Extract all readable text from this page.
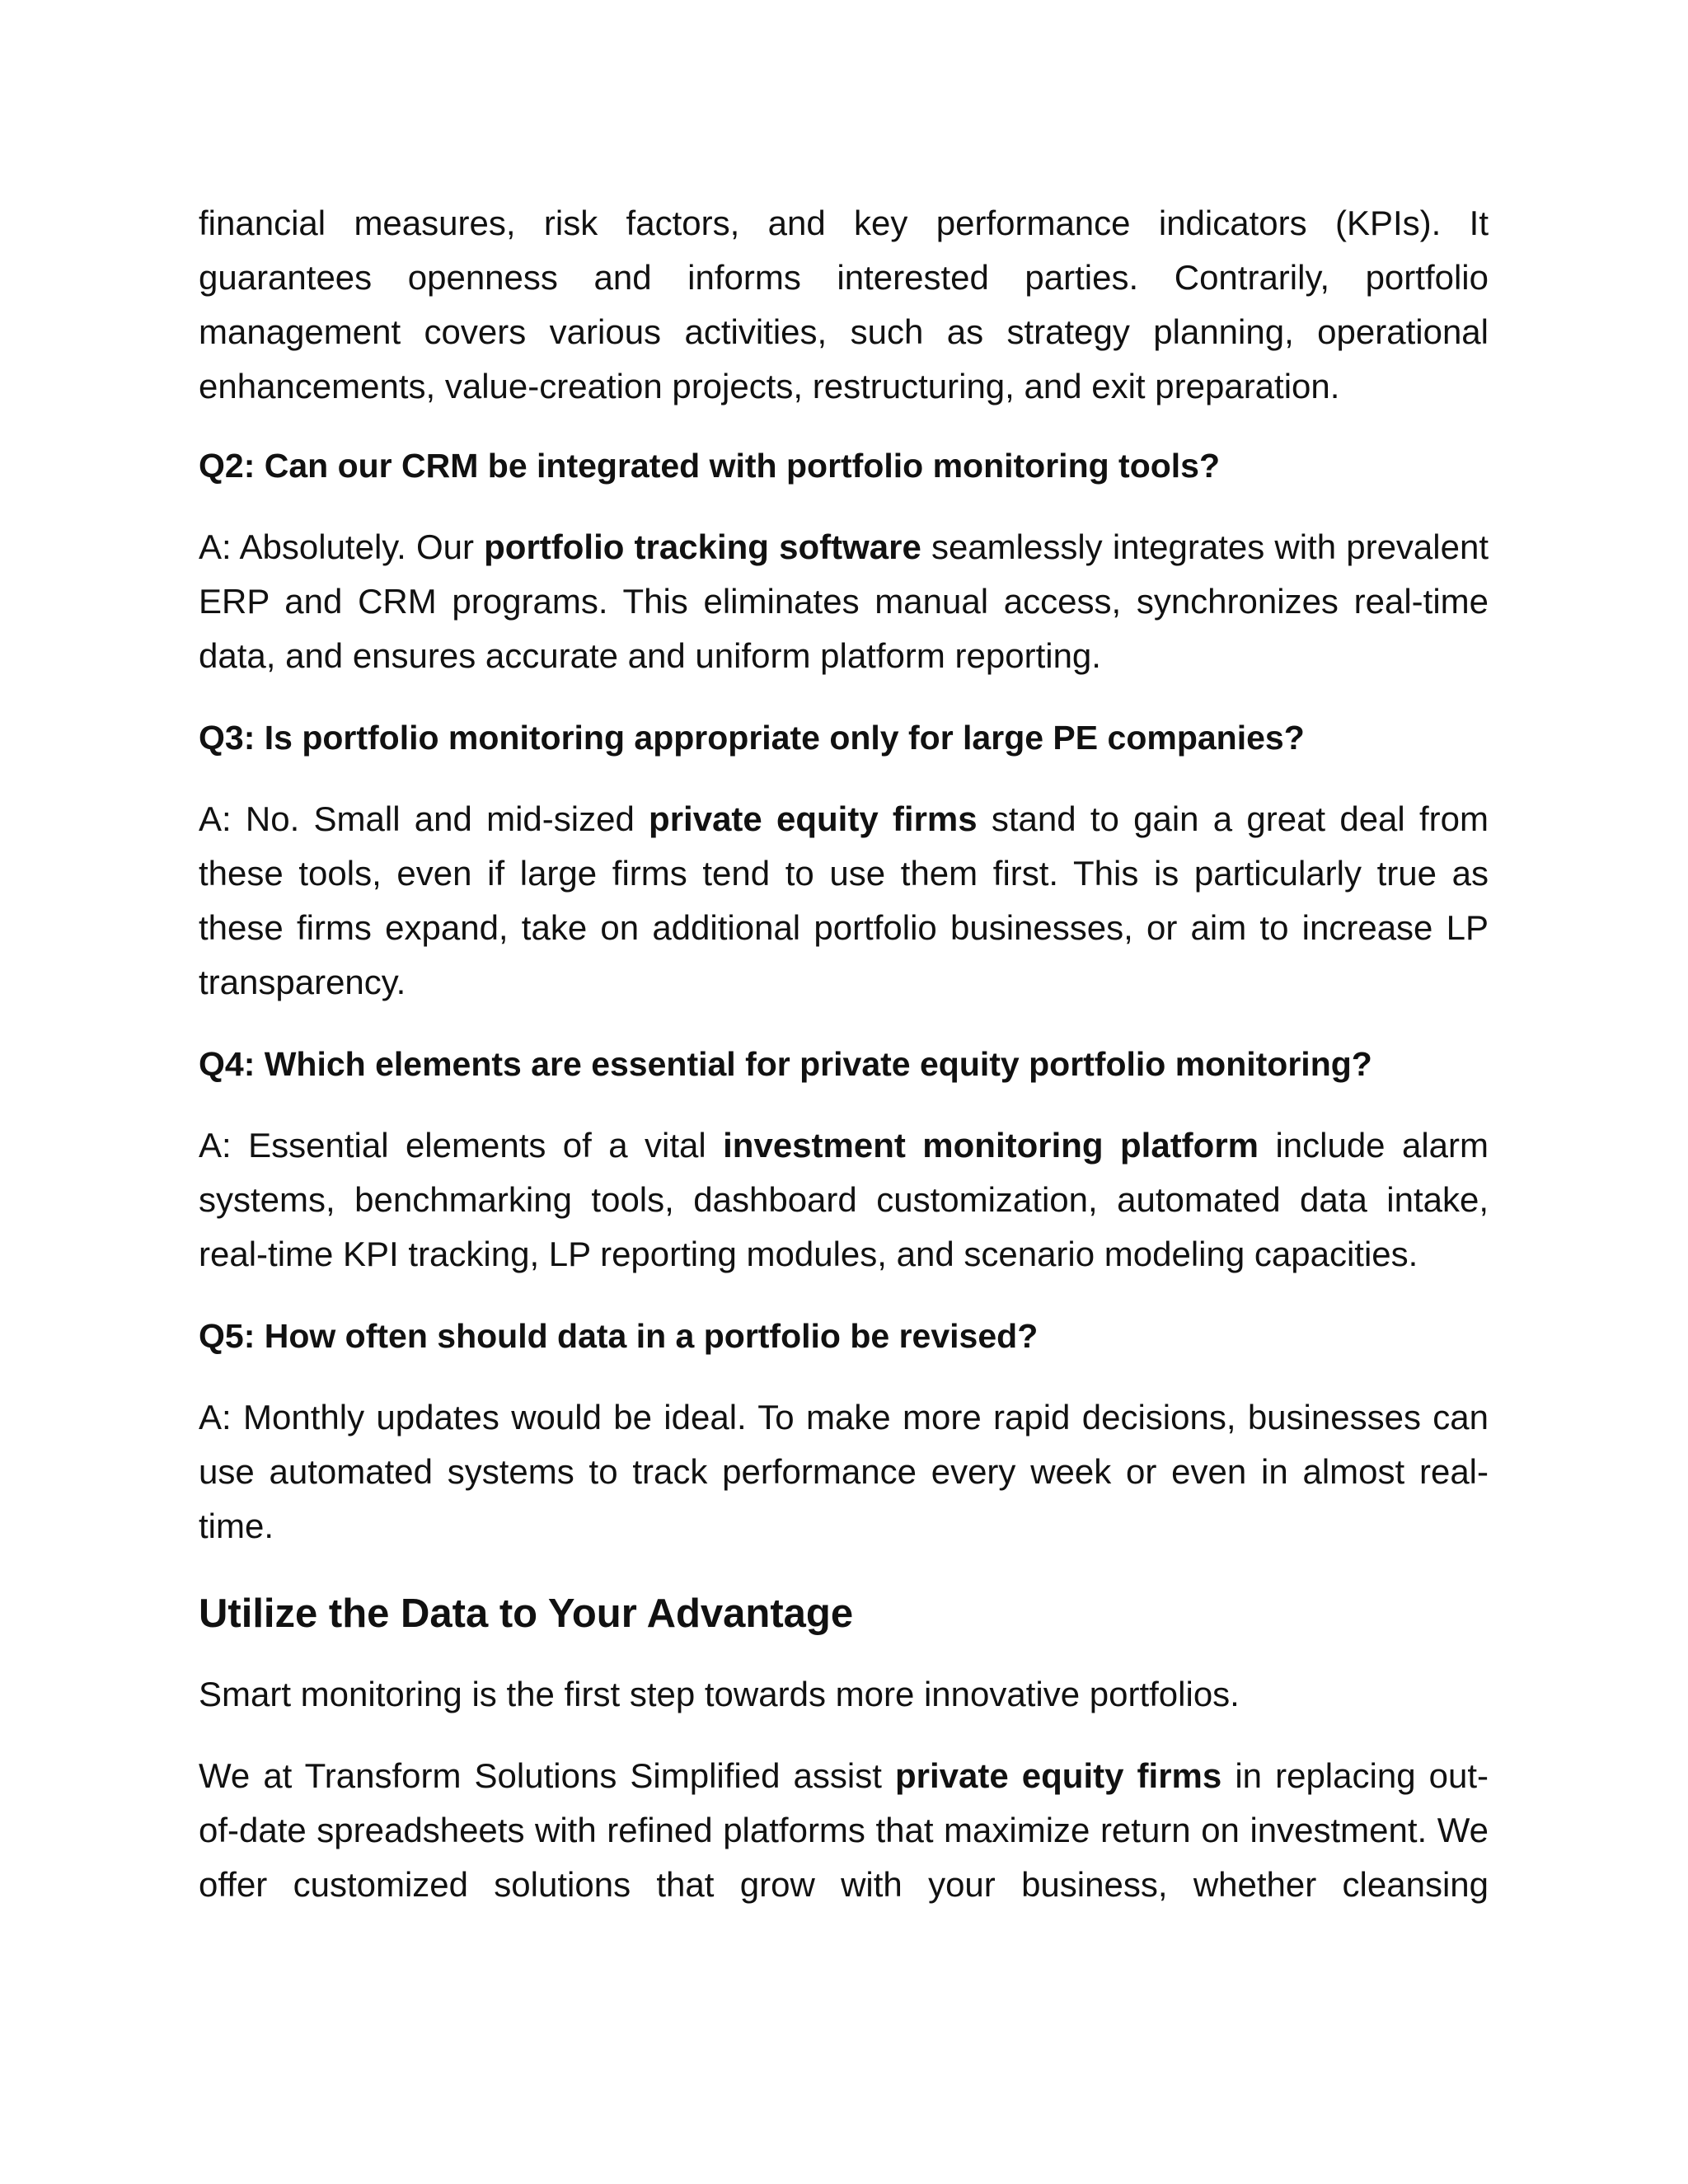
financial measures, risk factors, and key performance indicators (KPIs). It guarantees openness and informs interested parties. Contrarily, portfolio management covers various activities, such as strategy planning, operational enhancements, value-creation projects, restructuring, and exit preparation.

Q2: Can our CRM be integrated with portfolio monitoring tools?

A: Absolutely. Our portfolio tracking software seamlessly integrates with prevalent ERP and CRM programs. This eliminates manual access, synchronizes real-time data, and ensures accurate and uniform platform reporting.

Q3: Is portfolio monitoring appropriate only for large PE companies?

A: No. Small and mid-sized private equity firms stand to gain a great deal from these tools, even if large firms tend to use them first. This is particularly true as these firms expand, take on additional portfolio businesses, or aim to increase LP transparency.

Q4: Which elements are essential for private equity portfolio monitoring?

A: Essential elements of a vital investment monitoring platform include alarm systems, benchmarking tools, dashboard customization, automated data intake, real-time KPI tracking, LP reporting modules, and scenario modeling capacities.

Q5: How often should data in a portfolio be revised?

A: Monthly updates would be ideal. To make more rapid decisions, businesses can use automated systems to track performance every week or even in almost real-time.

Utilize the Data to Your Advantage

Smart monitoring is the first step towards more innovative portfolios.

We at Transform Solutions Simplified assist private equity firms in replacing out-of-date spreadsheets with refined platforms that maximize return on investment. We offer customized solutions that grow with your business, whether cleansing
